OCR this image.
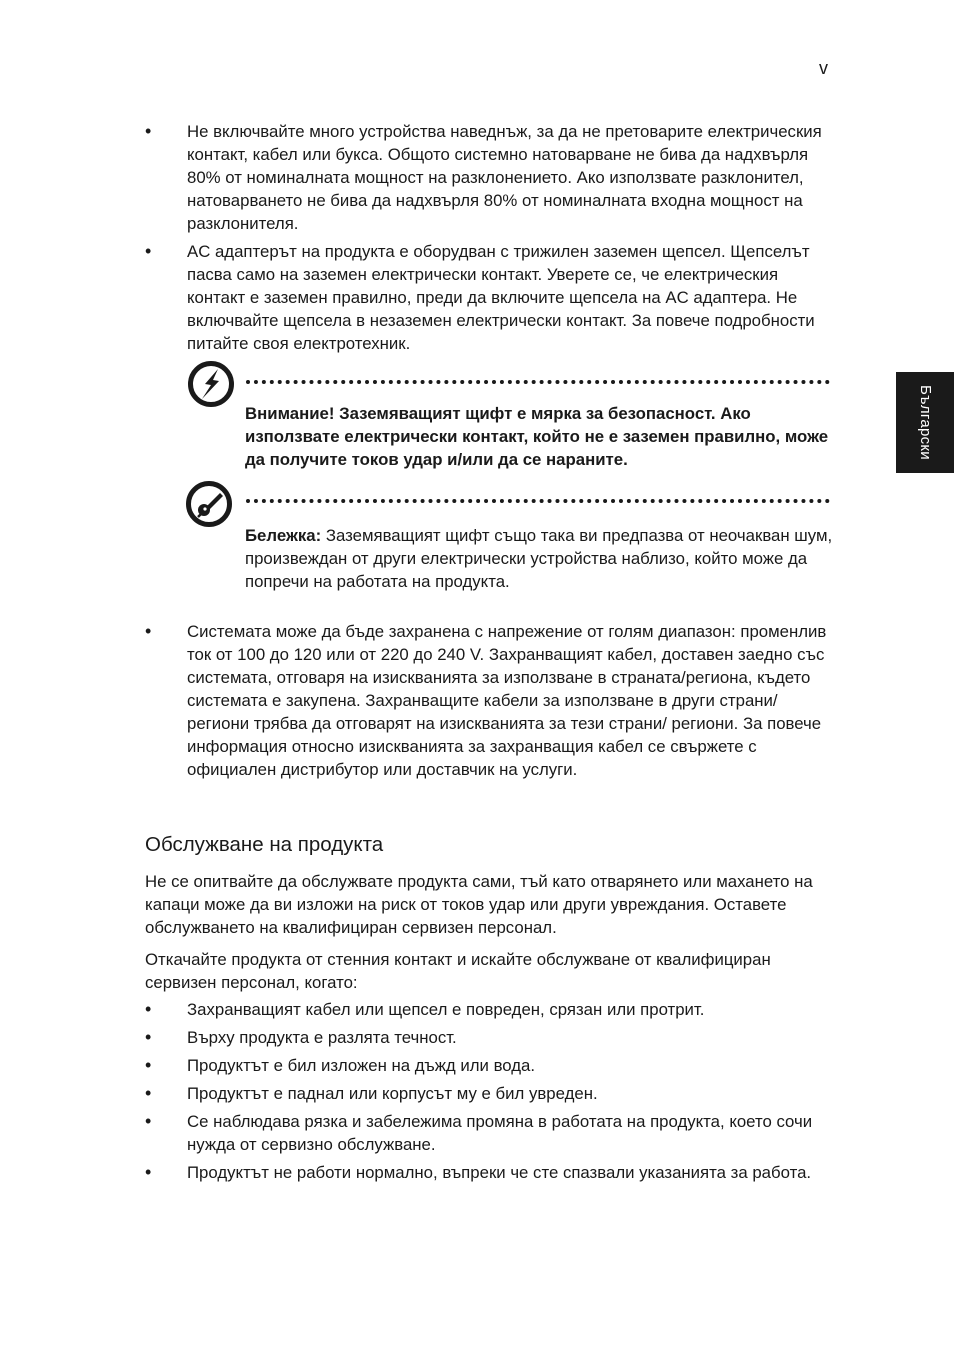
v
Български
• Не включвайте много устройства наведнъж, за да не претоварите електрическия контакт, кабел или букса. Общото системно натоварване не бива да надхвърля 80% от номиналната мощност на разклонението. Ако използвате разклонител, натоварването не бива да надхвърля 80% от номиналната входна мощност на разклонителя.
• AC адаптерът на продукта е оборудван с трижилен заземен щепсел. Щепселът пасва само на заземен електрически контакт. Уверете се, че електрическия контакт е заземен правилно, преди да включите щепсела на AC адаптера. Не включвайте щепсела в незаземен електрически контакт. За повече подробности питайте своя електротехник.

Внимание! Заземяващият щифт е мярка за безопасност. Ако използвате електрически контакт, който не е заземен правилно, може да получите токов удар и/или да се нараните.

Бележка: Заземяващият щифт също така ви предпазва от неочакван шум, произвеждан от други електрически устройства наблизо, който може да попречи на работата на продукта.

• Системата може да бъде захранена с напрежение от голям диапазон: променлив ток от 100 до 120 или от 220 до 240 V. Захранващият кабел, доставен заедно със системата, отговаря на изискванията за използване в страната/региона, където системата е закупена. Захранващите кабели за използване в други страни/региони трябва да отговарят на изискванията за тези страни/ региони. За повече информация относно изискванията за захранващия кабел се свържете с официален дистрибутор или доставчик на услуги.
Обслужване на продукта

Не се опитвайте да обслужвате продукта сами, тъй като отварянето или махането на капаци може да ви изложи на риск от токов удар или други увреждания. Оставете обслужването на квалифициран сервизен персонал.

Откачайте продукта от стенния контакт и искайте обслужване от квалифициран сервизен персонал, когато:

• Захранващият кабел или щепсел е повреден, срязан или протрит.
• Върху продукта е разлята течност.
• Продуктът е бил изложен на дъжд или вода.
• Продуктът е паднал или корпусът му е бил увреден.
• Се наблюдава рязка и забележима промяна в работата на продукта, което сочи нужда от сервизно обслужване.
• Продуктът не работи нормално, въпреки че сте спазвали указанията за работа.
